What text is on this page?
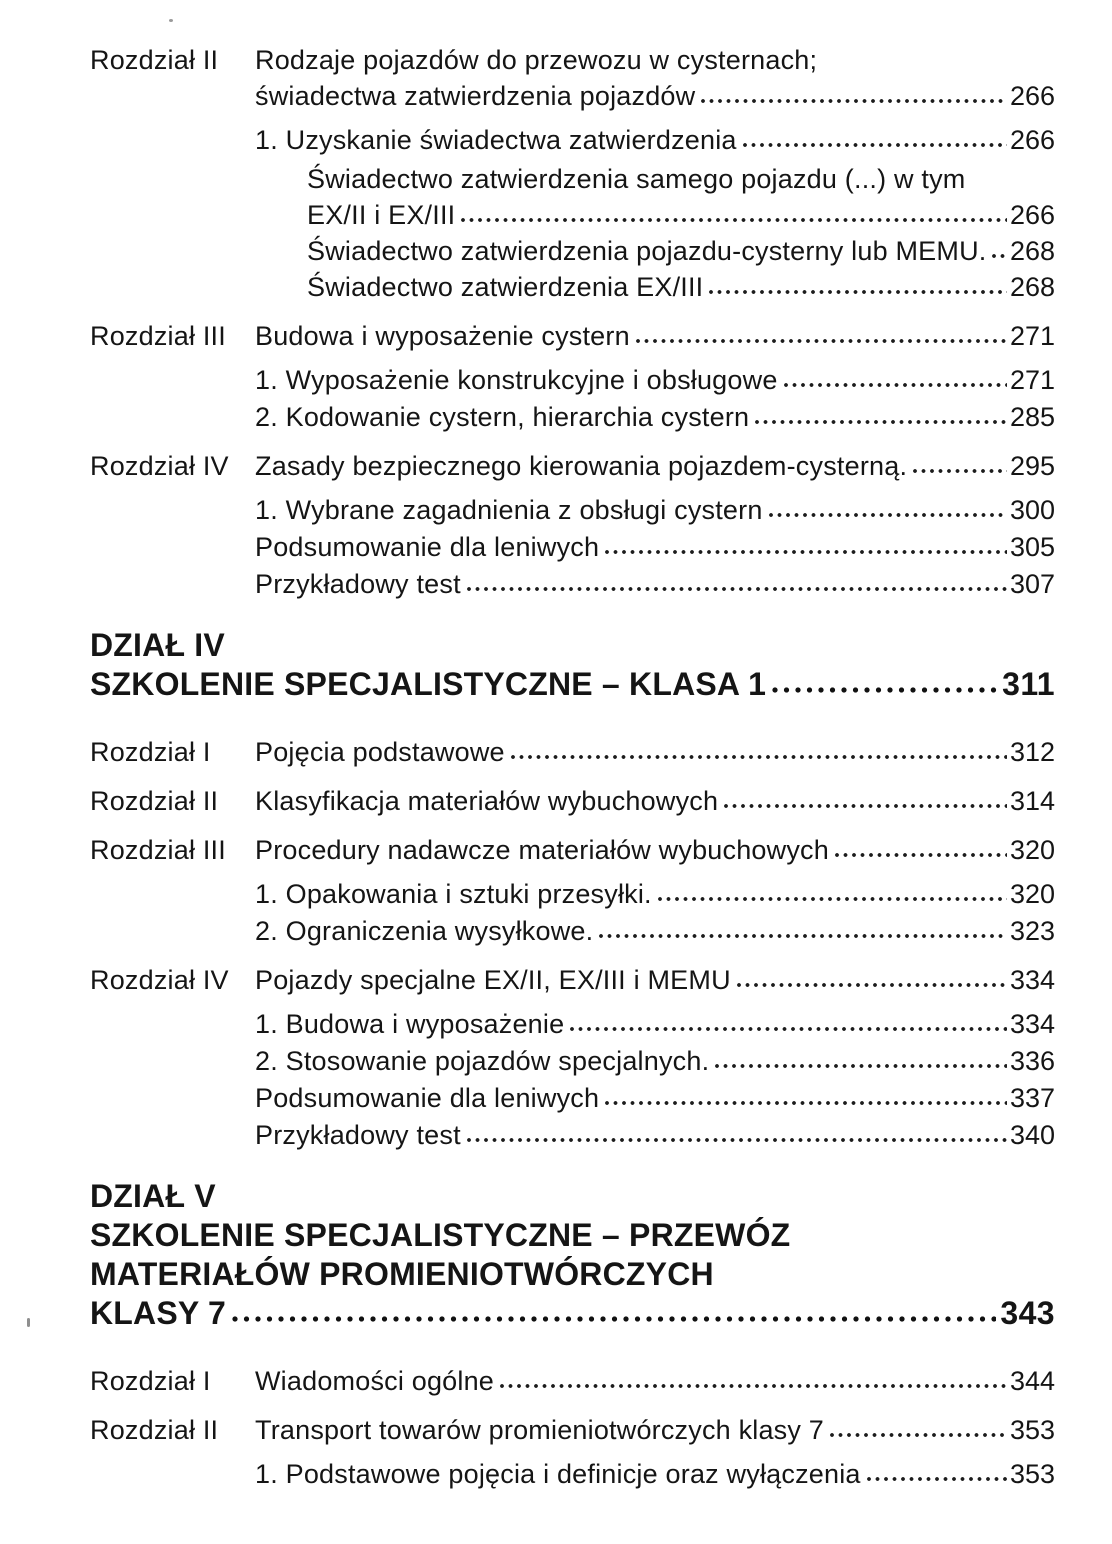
Rozdział II	Rodzaje pojazdów do przewozu w cysternach;
świadectwa zatwierdzenia pojazdów	266
1. Uzyskanie świadectwa zatwierdzenia	266
Świadectwo zatwierdzenia samego pojazdu (...) w tym
EX/II i EX/III	266
Świadectwo zatwierdzenia pojazdu-cysterny lub MEMU. 268
Świadectwo zatwierdzenia EX/III	268
Rozdział III	Budowa i wyposażenie cystern	271
1. Wyposażenie konstrukcyjne i obsługowe	271
2. Kodowanie cystern, hierarchia cystern	285
Rozdział IV Zasady bezpiecznego kierowania pojazdem-cysterną.	295
1. Wybrane zagadnienia z obsługi cystern	300
Podsumowanie dla leniwych	305
Przykładowy test	307
DZIAŁ IV
SZKOLENIE SPECJALISTYCZNE – KLASA 1	311
Rozdział I	Pojęcia podstawowe	312
Rozdział II	Klasyfikacja materiałów wybuchowych	314
Rozdział III	Procedury nadawcze materiałów wybuchowych	320
1. Opakowania i sztuki przesyłki.	320
2. Ograniczenia wysyłkowe.	323
Rozdział IV Pojazdy specjalne EX/II, EX/III i MEMU	334
1. Budowa i wyposażenie	334
2. Stosowanie pojazdów specjalnych.	336
Podsumowanie dla leniwych	337
Przykładowy test	340
DZIAŁ V
SZKOLENIE SPECJALISTYCZNE – PRZEWÓZ
MATERIAŁÓW PROMIENIOTWÓRCZYCH
KLASY 7	343
Rozdział I	Wiadomości ogólne	344
Rozdział II	Transport towarów promieniotwórczych klasy 7	353
1. Podstawowe pojęcia i definicje oraz wyłączenia	353
